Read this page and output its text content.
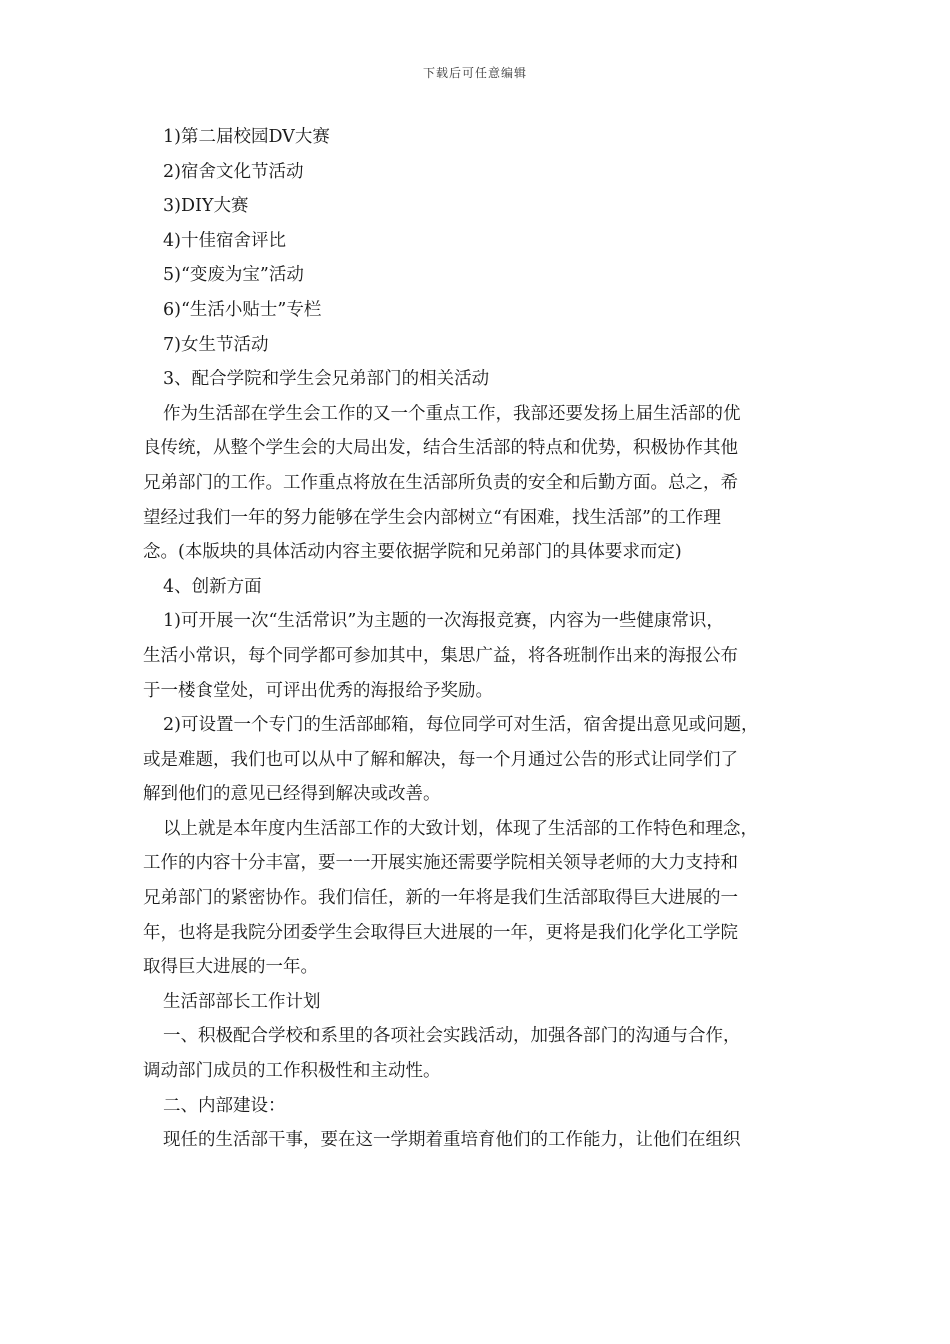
下载后可任意编辑
1)第二届校园DV大赛
2)宿舍文化节活动
3)DIY大赛
4)十佳宿舍评比
5)“变废为宝”活动
6)“生活小贴士”专栏
7)女生节活动
3、配合学院和学生会兄弟部门的相关活动
作为生活部在学生会工作的又一个重点工作，我部还要发扬上届生活部的优
良传统，从整个学生会的大局出发，结合生活部的特点和优势，积极协作其他
兄弟部门的工作。工作重点将放在生活部所负责的安全和后勤方面。总之，希
望经过我们一年的努力能够在学生会内部树立“有困难，找生活部”的工作理
念。(本版块的具体活动内容主要依据学院和兄弟部门的具体要求而定)
4、创新方面
1)可开展一次“生活常识”为主题的一次海报竞赛，内容为一些健康常识，
生活小常识，每个同学都可参加其中，集思广益，将各班制作出来的海报公布
于一楼食堂处，可评出优秀的海报给予奖励。
2)可设置一个专门的生活部邮箱，每位同学可对生活，宿舍提出意见或问题，
或是难题，我们也可以从中了解和解决，每一个月通过公告的形式让同学们了
解到他们的意见已经得到解决或改善。
以上就是本年度内生活部工作的大致计划，体现了生活部的工作特色和理念，
工作的内容十分丰富，要一一开展实施还需要学院相关领导老师的大力支持和
兄弟部门的紧密协作。我们信任，新的一年将是我们生活部取得巨大进展的一
年，也将是我院分团委学生会取得巨大进展的一年，更将是我们化学化工学院
取得巨大进展的一年。
生活部部长工作计划
一、积极配合学校和系里的各项社会实践活动，加强各部门的沟通与合作，
调动部门成员的工作积极性和主动性。
二、内部建设：
现任的生活部干事，要在这一学期着重培育他们的工作能力，让他们在组织
